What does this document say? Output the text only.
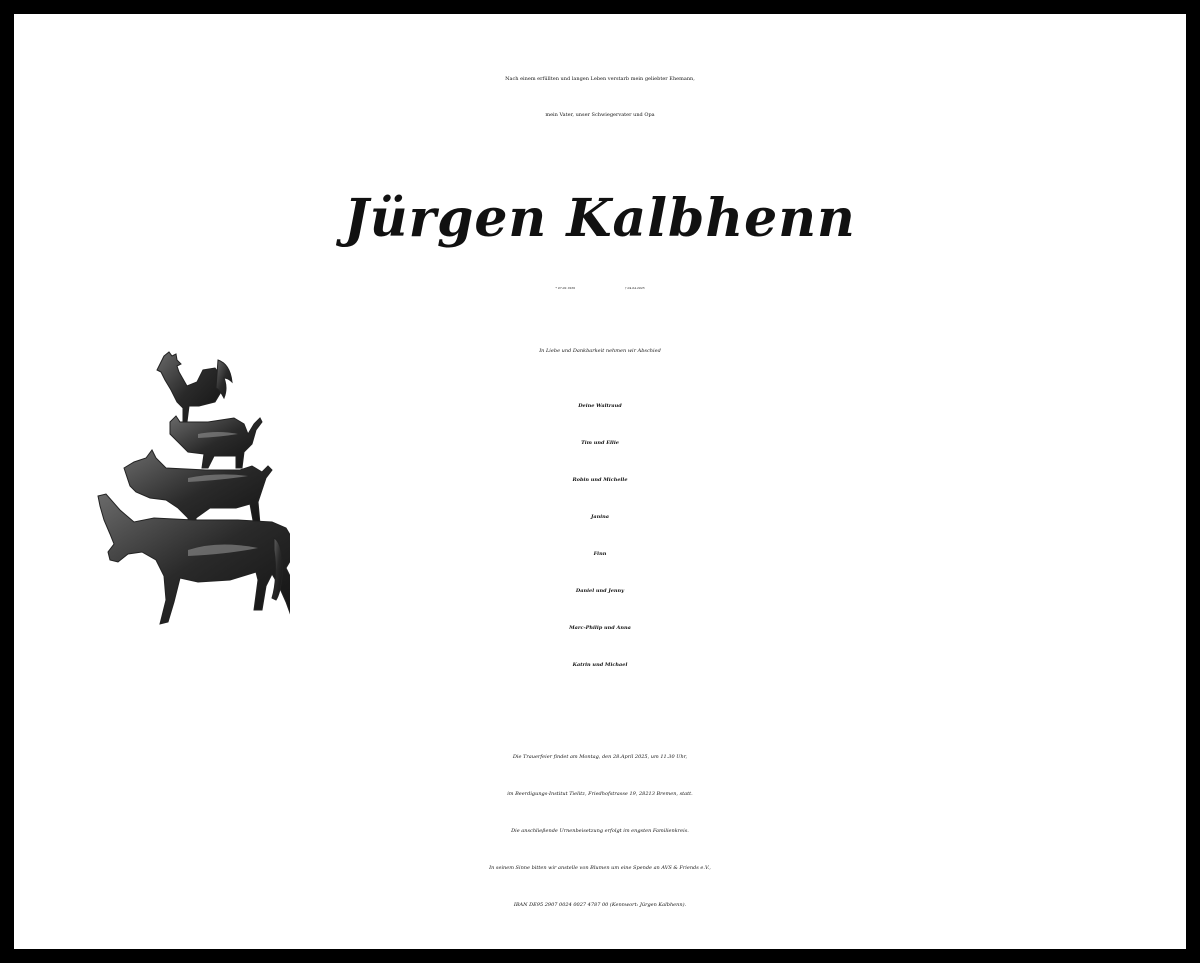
Nach einem erfüllten und langen Leben verstarb mein geliebter Ehemann,
mein Vater, unser Schwiegervater und Opa
Jürgen Kalbhenn
* 07.02.1939	† 04.04.2025
In Liebe und Dankbarkeit nehmen wir Abschied
Deine Waltraud
Tim und Ellie
Robin und Michelle
Janina
Finn
Daniel und Jenny
Marc-Philip und Anna
Katrin und Michael
Die Trauerfeier findet am Montag, den 28.April 2025, um 11.30 Uhr,
im Beerdigungs-Institut Tielitz, Friedhofstrasse 19, 28213 Bremen, statt.
Die anschließende Urnenbeisetzung erfolgt im engsten Familienkreis.
In seinem Sinne bitten wir anstelle von Blumen um eine Spende an AVS & Friends e.V.,
IBAN DE95 2907 0024 0027 4787 00 (Kennwort: Jürgen Kalbhenn).
